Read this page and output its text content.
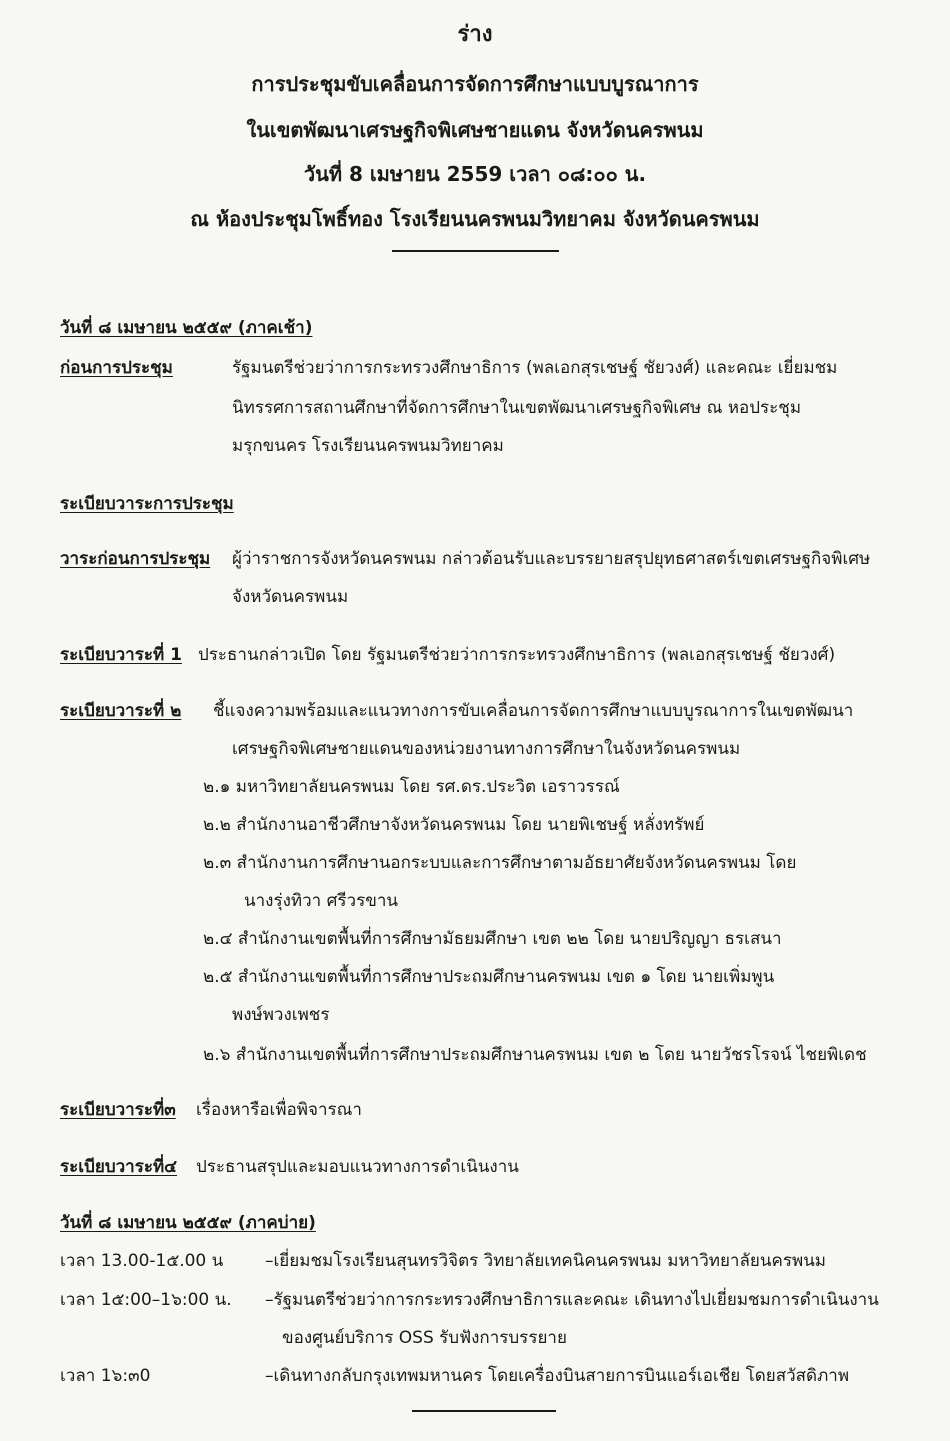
ร่าง
การประชุมขับเคลื่อนการจัดการศึกษาแบบบูรณาการ
ในเขตพัฒนาเศรษฐกิจพิเศษชายแดน จังหวัดนครพนม
วันที่ 8 เมษายน 2559 เวลา ๐๘:๐๐ น.
ณ ห้องประชุมโพธิ์ทอง โรงเรียนนครพนมวิทยาคม จังหวัดนครพนม
วันที่ ๘ เมษายน ๒๕๕๙ (ภาคเช้า)
ก่อนการประชุม	รัฐมนตรีช่วยว่าการกระทรวงศึกษาธิการ (พลเอกสุรเชษฐ์ ชัยวงศ์) และคณะ เยี่ยมชม
นิทรรศการสถานศึกษาที่จัดการศึกษาในเขตพัฒนาเศรษฐกิจพิเศษ ณ หอประชุม
มรุกขนคร โรงเรียนนครพนมวิทยาคม
ระเบียบวาระการประชุม
วาระก่อนการประชุม ผู้ว่าราชการจังหวัดนครพนม กล่าวต้อนรับและบรรยายสรุปยุทธศาสตร์เขตเศรษฐกิจพิเศษ
จังหวัดนครพนม
ระเบียบวาระที่ 1 ประธานกล่าวเปิด โดย รัฐมนตรีช่วยว่าการกระทรวงศึกษาธิการ (พลเอกสุรเชษฐ์ ชัยวงศ์)
ระเบียบวาระที่ ๒ ชี้แจงความพร้อมและแนวทางการขับเคลื่อนการจัดการศึกษาแบบบูรณาการในเขตพัฒนา
เศรษฐกิจพิเศษชายแดนของหน่วยงานทางการศึกษาในจังหวัดนครพนม
๒.๑ มหาวิทยาลัยนครพนม โดย รศ.ดร.ประวิต เอราวรรณ์
๒.๒ สำนักงานอาชีวศึกษาจังหวัดนครพนม โดย นายพิเชษฐ์ หลั่งทรัพย์
๒.๓ สำนักงานการศึกษานอกระบบและการศึกษาตามอัธยาศัยจังหวัดนครพนม โดย
นางรุ่งทิวา ศรีวรขาน
๒.๔ สำนักงานเขตพื้นที่การศึกษามัธยมศึกษา เขต ๒๒ โดย นายปริญญา ธรเสนา
๒.๕ สำนักงานเขตพื้นที่การศึกษาประถมศึกษานครพนม เขต ๑ โดย นายเพิ่มพูน
พงษ์พวงเพชร
๒.๖ สำนักงานเขตพื้นที่การศึกษาประถมศึกษานครพนม เขต ๒ โดย นายวัชรโรจน์ ไชยพิเดช
ระเบียบวาระที่๓ เรื่องหารือเพื่อพิจารณา
ระเบียบวาระที่๔ ประธานสรุปและมอบแนวทางการดำเนินงาน
วันที่ ๘ เมษายน ๒๕๕๙ (ภาคบ่าย)
เวลา 13.00-1๕.00 น –เยี่ยมชมโรงเรียนสุนทรวิจิตร วิทยาลัยเทคนิคนครพนม มหาวิทยาลัยนครพนม
เวลา 1๕:00–1๖:00 น. –รัฐมนตรีช่วยว่าการกระทรวงศึกษาธิการและคณะ เดินทางไปเยี่ยมชมการดำเนินงาน
ของศูนย์บริการ OSS รับฟังการบรรยาย
เวลา 1๖:๓0	–เดินทางกลับกรุงเทพมหานคร โดยเครื่องบินสายการบินแอร์เอเชีย โดยสวัสดิภาพ
